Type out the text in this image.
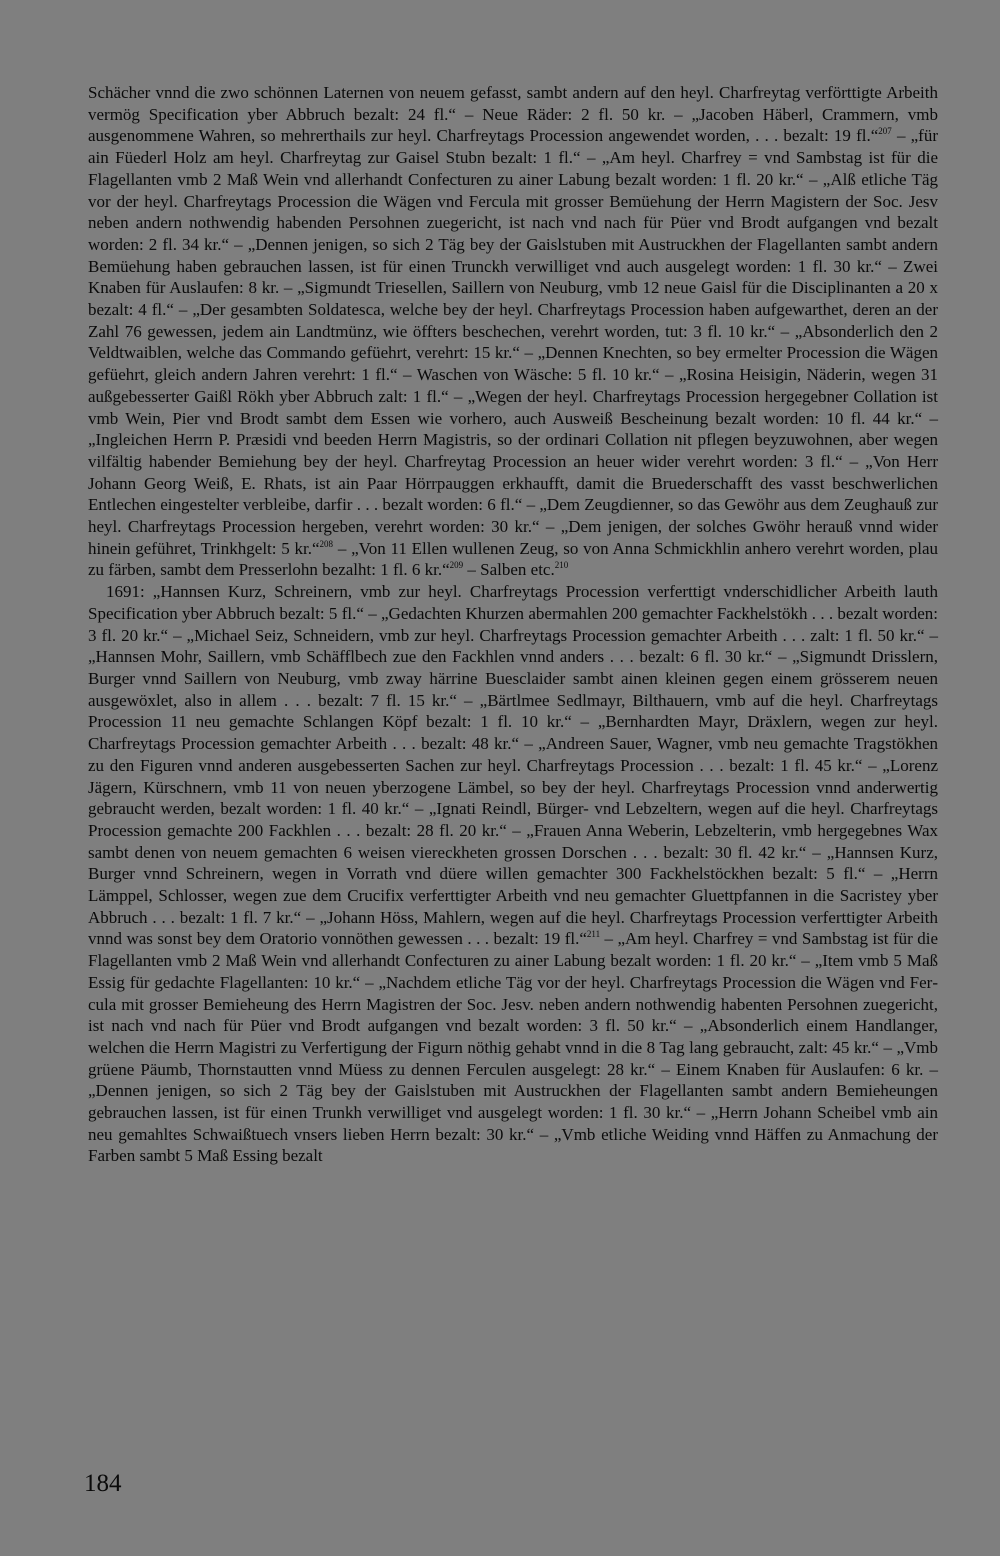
Schächer vnnd die zwo schönnen Laternen von neuem gefasst, sambt andern auf den heyl. Charfreytag verförttigte Arbeith vermög Specification yber Abbruch bezalt: 24 fl.“ – Neue Räder: 2 fl. 50 kr. – „Jacoben Häberl, Crammern, vmb ausgenommene Wahren, so mehrerthails zur heyl. Charfreytags Procession angewendet worden, . . . bezalt: 19 fl.“$^{207}$ – „für ain Füederl Holz am heyl. Charfreytag zur Gaisel Stubn bezalt: 1 fl.“ – „Am heyl. Charfrey = vnd Sambstag ist für die Flagellanten vmb 2 Maß Wein vnd allerhandt Confecturen zu ainer Labung bezalt worden: 1 fl. 20 kr.“ – „Alß etliche Täg vor der heyl. Charfreytags Procession die Wägen vnd Fercula mit grosser Bemüehung der Herrn Magistern der Soc. Jesv neben andern nothwendig habenden Persohnen zuegericht, ist nach vnd nach für Püer vnd Brodt aufgangen vnd bezalt worden: 2 fl. 34 kr.“ – „Dennen jenigen, so sich 2 Täg bey der Gaislstuben mit Austruckhen der Flagellanten sambt andern Bemüehung haben gebrauchen lassen, ist für einen Trunckh verwilliget vnd auch ausgelegt worden: 1 fl. 30 kr.“ – Zwei Knaben für Auslaufen: 8 kr. – „Sigmundt Triesellen, Saillern von Neuburg, vmb 12 neue Gaisl für die Disciplinanten a 20 x bezalt: 4 fl.“ – „Der gesambten Soldatesca, welche bey der heyl. Charfreytags Procession haben aufgewarthet, deren an der Zahl 76 gewessen, jedem ain Landtmünz, wie öffters beschechen, verehrt worden, tut: 3 fl. 10 kr.“ – „Absonderlich den 2 Veldtwaiblen, welche das Commando gefüehrt, verehrt: 15 kr.“ – „Dennen Knechten, so bey ermelter Procession die Wägen gefüehrt, gleich andern Jahren verehrt: 1 fl.“ – Waschen von Wäsche: 5 fl. 10 kr.“ – „Rosina Heisigin, Näderin, wegen 31 außgebesserter Gaißl Rökh yber Abbruch zalt: 1 fl.“ – „Wegen der heyl. Charfreytags Procession hergegebner Collation ist vmb Wein, Pier vnd Brodt sambt dem Essen wie vorhero, auch Ausweiß Bescheinung bezalt worden: 10 fl. 44 kr.“ – „Ingleichen Herrn P. Præsidi vnd beeden Herrn Magistris, so der ordinari Collation nit pflegen beyzuwohnen, aber wegen vilfältig habender Bemiehung bey der heyl. Charfreytag Procession an heuer wider verehrt worden: 3 fl.“ – „Von Herr Johann Georg Weiß, E. Rhats, ist ain Paar Hörrpauggen erkhaufft, damit die Bruederschafft des vasst beschwerlichen Entlechen eingestelter verbleibe, darfir . . . bezalt worden: 6 fl.“ – „Dem Zeugdienner, so das Gewöhr aus dem Zeughauß zur heyl. Charfreytags Procession hergeben, verehrt worden: 30 kr.“ – „Dem jenigen, der solches Gwöhr herauß vnnd wider hinein geführet, Trinkhgelt: 5 kr.“$^{208}$ – „Von 11 Ellen wullenen Zeug, so von Anna Schmickhlin anhero verehrt worden, plau zu färben, sambt dem Presserlohn bezalht: 1 fl. 6 kr.“$^{209}$ – Salben etc.$^{210}$

1691: „Hannsen Kurz, Schreinern, vmb zur heyl. Charfreytags Procession verferttigt vnderschidlicher Arbeith lauth Specification yber Abbruch bezalt: 5 fl.“ – „Gedachten Khurzen abermahlen 200 gemachter Fackhelstökh . . . bezalt worden: 3 fl. 20 kr.“ – „Michael Seiz, Schneidern, vmb zur heyl. Charfreytags Procession gemachter Arbeith . . . zalt: 1 fl. 50 kr.“ – „Hannsen Mohr, Saillern, vmb Schäfflbech zue den Fackhlen vnnd anders . . . bezalt: 6 fl. 30 kr.“ – „Sigmundt Drisslern, Burger vnnd Saillern von Neuburg, vmb zway härrine Buesclaider sambt ainen kleinen gegen einem grösserem neuen ausgewöxlet, also in allem . . . bezalt: 7 fl. 15 kr.“ – „Bärtlmee Sedlmayr, Bilthauern, vmb auf die heyl. Charfreytags Procession 11 neu gemachte Schlangen Köpf bezalt: 1 fl. 10 kr.“ – „Bernhardten Mayr, Dräxlern, wegen zur heyl. Charfreytags Procession gemachter Arbeith . . . bezalt: 48 kr.“ – „Andreen Sauer, Wagner, vmb neu gemachte Tragstökhen zu den Figuren vnnd anderen ausgebesserten Sachen zur heyl. Charfreytags Procession . . . bezalt: 1 fl. 45 kr.“ – „Lorenz Jägern, Kürschnern, vmb 11 von neuen yberzogene Lämbel, so bey der heyl. Charfreytags Procession vnnd anderwertig gebraucht werden, bezalt worden: 1 fl. 40 kr.“ – „Ignati Reindl, Bürger- vnd Lebzeltern, wegen auf die heyl. Charfreytags Procession gemachte 200 Fackhlen . . . bezalt: 28 fl. 20 kr.“ – „Frauen Anna Weberin, Lebzelterin, vmb hergegebnes Wax sambt denen von neuem gemachten 6 weisen viereckheten grossen Dorschen . . . bezalt: 30 fl. 42 kr.“ – „Hannsen Kurz, Burger vnnd Schreinern, wegen in Vorrath vnd düere willen gemachter 300 Fackhelstöckhen bezalt: 5 fl.“ – „Herrn Lämppel, Schlosser, wegen zue dem Crucifix verferttigter Arbeith vnd neu gemachter Gluettpfannen in die Sacristey yber Abbruch . . . bezalt: 1 fl. 7 kr.“ – „Johann Höss, Mahlern, wegen auf die heyl. Charfreytags Procession verferttigter Arbeith vnnd was sonst bey dem Oratorio vonnöthen gewessen . . . bezalt: 19 fl.“$^{211}$ – „Am heyl. Charfrey = vnd Sambstag ist für die Flagellanten vmb 2 Maß Wein vnd allerhandt Confecturen zu ainer Labung bezalt worden: 1 fl. 20 kr.“ – „Item vmb 5 Maß Essig für gedachte Flagellanten: 10 kr.“ – „Nachdem etliche Täg vor der heyl. Charfreytags Procession die Wägen vnd Fercula mit grosser Bemieheung des Herrn Magistren der Soc. Jesv. neben andern nothwendig habenten Persohnen zuegericht, ist nach vnd nach für Püer vnd Brodt aufgangen vnd bezalt worden: 3 fl. 50 kr.“ – „Absonderlich einem Handlanger, welchen die Herrn Magistri zu Verfertigung der Figurn nöthig gehabt vnnd in die 8 Tag lang gebraucht, zalt: 45 kr.“ – „Vmb grüene Päumb, Thornstautten vnnd Müess zu dennen Ferculen ausgelegt: 28 kr.“ – Einem Knaben für Auslaufen: 6 kr. – „Dennen jenigen, so sich 2 Täg bey der Gaislstuben mit Austruckhen der Flagellanten sambt andern Bemieheungen gebrauchen lassen, ist für einen Trunkh verwilliget vnd ausgelegt worden: 1 fl. 30 kr.“ – „Herrn Johann Scheibel vmb ain neu gemahltes Schwaißtuech vnsers lieben Herrn bezalt: 30 kr.“ – „Vmb etliche Weiding vnnd Häffen zu Anmachung der Farben sambt 5 Maß Essing bezalt

184
